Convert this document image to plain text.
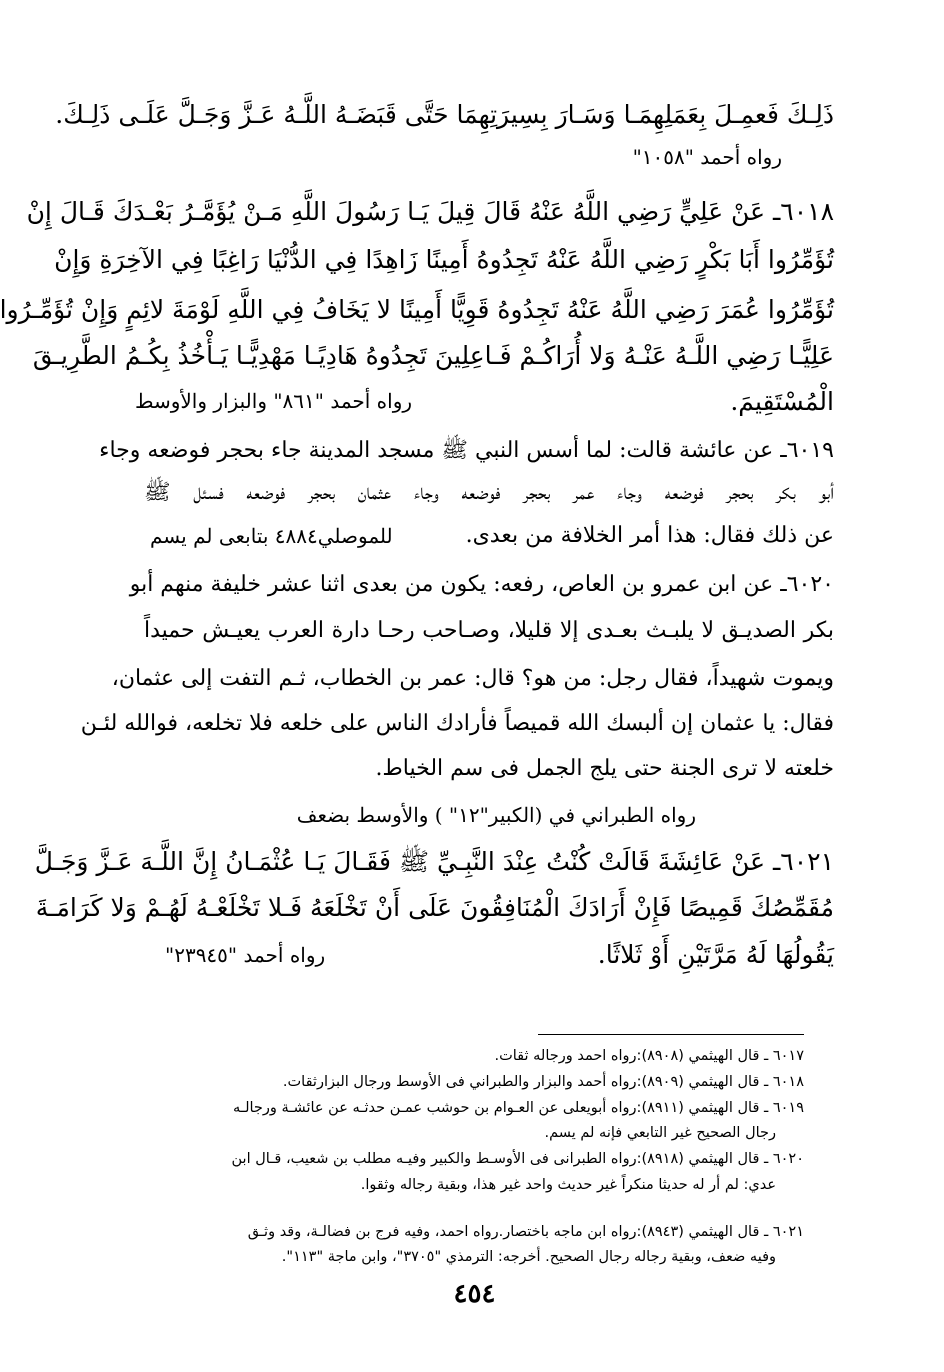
ذَلِـكَ فَعمِـلَ بِعَمَلِهِمَـا وَسَـارَ بِسِيرَتِهِمَا حَتَّى قَبَضَـهُ اللَّـهُ عَـزَّ وَجَـلَّ عَلَـى ذَلِـكَ.
رواه أحمد "١٠٥٨"
٦٠١٨ـ عَنْ عَلِيٍّ رَضِي اللَّهُ عَنْهُ قَالَ قِيلَ يَـا رَسُولَ اللَّهِ مَـنْ يُؤَمَّـرُ بَعْـدَكَ قَـالَ إِنْ
تُؤَمِّرُوا أَبَا بَكْرٍ رَضِي اللَّهُ عَنْهُ تَجِدُوهُ أَمِينًا زَاهِدًا فِي الدُّنْيَا رَاغِبًا فِي الآخِرَةِ وَإِنْ
تُؤَمِّرُوا عُمَرَ رَضِي اللَّهُ عَنْهُ تَجِدُوهُ قَوِيًّا أَمِينًا لا يَخَافُ فِي اللَّهِ لَوْمَةَ لائِمٍ وَإِنْ تُؤَمِّـرُوا
عَلِيًّـا رَضِي اللَّـهُ عَنْـهُ وَلا أُرَاكُـمْ فَـاعِلِينَ تَجِدُوهُ هَادِيًـا مَهْدِيًّـا يَـأْخُذُ بِكُـمُ الطَّرِيـقَ
الْمُسْتَقِيمَ.
رواه أحمد "٨٦١" والبزار والأوسط
٦٠١٩ـ عن عائشة قالت: لما أسس النبي ﷺ مسجد المدينة جاء بحجر فوضعه وجاء
أبو بكر بحجر فوضعه وجاء عمر بحجر فوضعه وجاء عثمان بحجر فوضعه فسئل ﷺ
عن ذلك فقال: هذا أمر الخلافة من بعدى.
للموصلي٤٨٨٤ بتابعى لم يسم
٦٠٢٠ـ عن ابن عمرو بن العاص، رفعه: يكون من بعدى اثنا عشر خليفة منهم أبو
بكر الصديـق لا يلبـث بعـدى إلا قليلا، وصـاحب رحـا دارة العرب يعيـش حميداً
ويموت شهيداً، فقال رجل: من هو؟ قال: عمر بن الخطاب، ثـم التفت إلى عثمان،
فقال: يا عثمان إن ألبسك الله قميصاً فأرادك الناس على خلعه فلا تخلعه، فوالله لئـن
خلعته لا ترى الجنة حتى يلج الجمل فى سم الخياط.
رواه الطبراني في (الكبير"١٢" ) والأوسط بضعف
٦٠٢١ـ عَنْ عَائِشَةَ قَالَتْ كُنْتُ عِنْدَ النَّبِـيِّ ﷺ فَقَـالَ يَـا عُثْمَـانُ إِنَّ اللَّـهَ عَـزَّ وَجَـلَّ
مُقَمِّصُكَ قَمِيصًا فَإِنْ أَرَادَكَ الْمُنَافِقُونَ عَلَى أَنْ تَخْلَعَهُ فَـلا تَخْلَعْـهُ لَهُـمْ وَلا كَرَامَـةَ
يَقُولُهَا لَهُ مَرَّتَيْنِ أَوْ ثَلاثًا.
رواه أحمد "٢٣٩٤٥"
٦٠١٧ ـ قال الهيثمي (٨٩٠٨):رواه احمد ورجاله ثقات.
٦٠١٨ ـ قال الهيثمي (٨٩٠٩):رواه أحمد والبزار والطبراني فى الأوسط ورجال البزارثقات.
٦٠١٩ ـ قال الهيثمي (٨٩١١):رواه أبويعلى عن العـوام بن حوشب عمـن حدثـه عن عائشـة ورجالـه
رجال الصحيح غير التابعي فإنه لم يسم.
٦٠٢٠ ـ قال الهيثمي (٨٩١٨):رواه الطبرانى فى الأوسـط والكبير وفيـه مطلب بن شعيب، قـال ابن
عدي: لم أر له حديثا منكراً غير حديث واحد غير هذا، وبقية رجاله وثقوا.
٦٠٢١ ـ قال الهيثمي (٨٩٤٣):رواه ابن ماجه باختصار.رواه احمد، وفيه فرج بن فضالـة، وقد وثـق
وفيه ضعف، وبقية رجاله رجال الصحيح. أخرجه: الترمذي "٣٧٠٥"، وابن ماجة "١١٣".
٤٥٤
